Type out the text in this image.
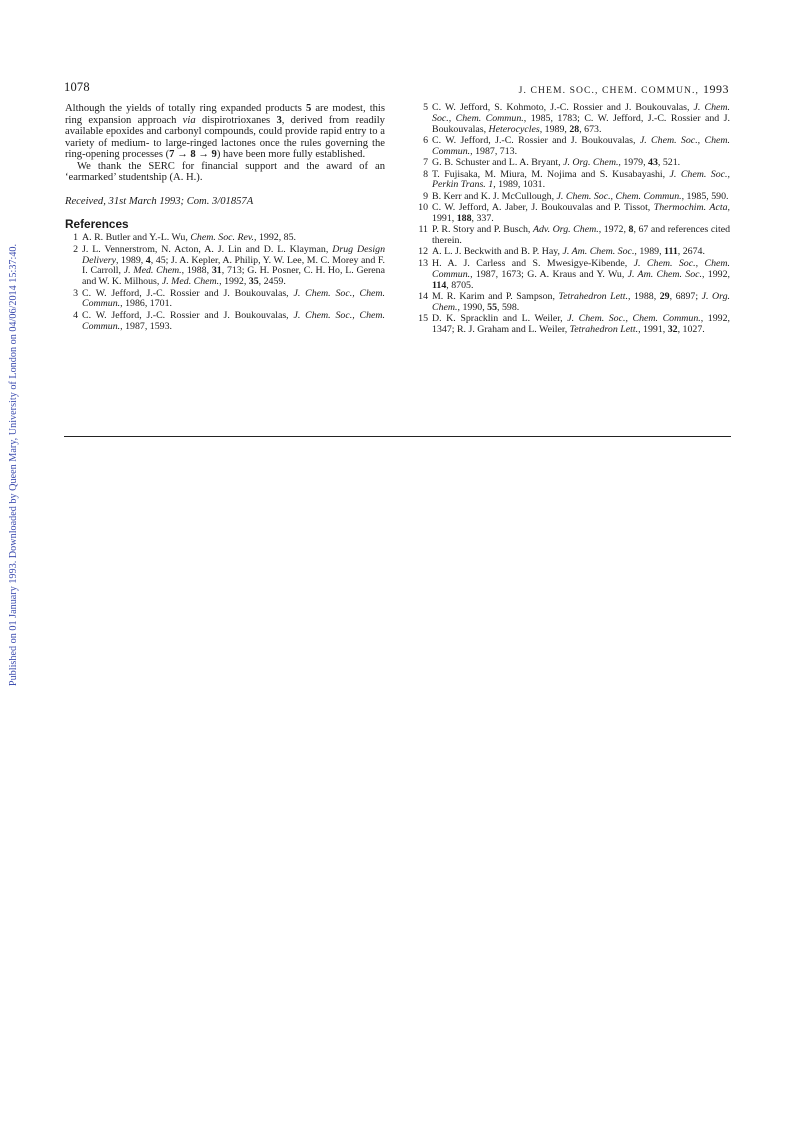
Published on 01 January 1993. Downloaded by Queen Mary, University of London on 04/06/2014 15:37:40.
1078	J. CHEM. SOC., CHEM. COMMUN., 1993

Although the yields of totally ring expanded products 5 are modest, this ring expansion approach via dispirotrioxanes 3, derived from readily available epoxides and carbonyl compounds, could provide rapid entry to a variety of medium- to large-ringed lactones once the rules governing the ring-opening processes (7 → 8 → 9) have been more fully established.

We thank the SERC for financial support and the award of an ‘earmarked’ studentship (A. H.).

Received, 31st March 1993; Com. 3/01857A

References
1 A. R. Butler and Y.-L. Wu, Chem. Soc. Rev., 1992, 85.
2 J. L. Vennerstrom, N. Acton, A. J. Lin and D. L. Klayman, Drug Design Delivery, 1989, 4, 45; J. A. Kepler, A. Philip, Y. W. Lee, M. C. Morey and F. I. Carroll, J. Med. Chem., 1988, 31, 713; G. H. Posner, C. H. Ho, L. Gerena and W. K. Milhous, J. Med. Chem., 1992, 35, 2459.
3 C. W. Jefford, J.-C. Rossier and J. Boukouvalas, J. Chem. Soc., Chem. Commun., 1986, 1701.
4 C. W. Jefford, J.-C. Rossier and J. Boukouvalas, J. Chem. Soc., Chem. Commun., 1987, 1593.
5 C. W. Jefford, S. Kohmoto, J.-C. Rossier and J. Boukouvalas, J. Chem. Soc., Chem. Commun., 1985, 1783; C. W. Jefford, J.-C. Rossier and J. Boukouvalas, Heterocycles, 1989, 28, 673.
6 C. W. Jefford, J.-C. Rossier and J. Boukouvalas, J. Chem. Soc., Chem. Commun., 1987, 713.
7 G. B. Schuster and L. A. Bryant, J. Org. Chem., 1979, 43, 521.
8 T. Fujisaka, M. Miura, M. Nojima and S. Kusabayashi, J. Chem. Soc., Perkin Trans. 1, 1989, 1031.
9 B. Kerr and K. J. McCullough, J. Chem. Soc., Chem. Commun., 1985, 590.
10 C. W. Jefford, A. Jaber, J. Boukouvalas and P. Tissot, Thermochim. Acta, 1991, 188, 337.
11 P. R. Story and P. Busch, Adv. Org. Chem., 1972, 8, 67 and references cited therein.
12 A. L. J. Beckwith and B. P. Hay, J. Am. Chem. Soc., 1989, 111, 2674.
13 H. A. J. Carless and S. Mwesigye-Kibende, J. Chem. Soc., Chem. Commun., 1987, 1673; G. A. Kraus and Y. Wu, J. Am. Chem. Soc., 1992, 114, 8705.
14 M. R. Karim and P. Sampson, Tetrahedron Lett., 1988, 29, 6897; J. Org. Chem., 1990, 55, 598.
15 D. K. Spracklin and L. Weiler, J. Chem. Soc., Chem. Commun., 1992, 1347; R. J. Graham and L. Weiler, Tetrahedron Lett., 1991, 32, 1027.
